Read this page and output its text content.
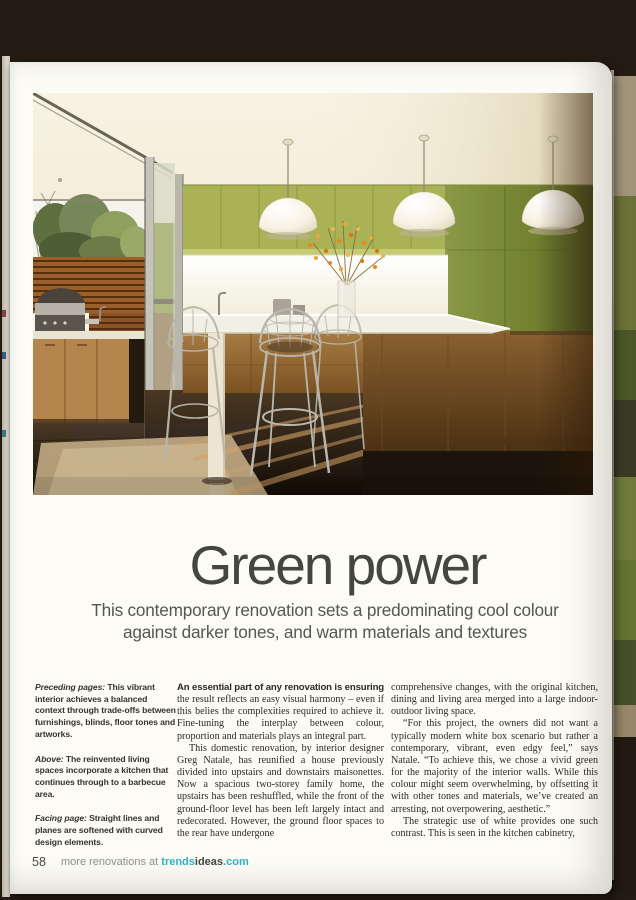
Green power
This contemporary renovation sets a predominating cool colour
against darker tones, and warm materials and textures
Preceding pages: This vibrant interior achieves a balanced context through trade-offs between furnishings, blinds, floor tones and artworks.
Above: The reinvented living spaces incorporate a kitchen that continues through to a barbecue area.
Facing page: Straight lines and planes are softened with curved design elements.

An essential part of any renovation is ensuring the result reflects an easy visual harmony – even if this belies the complexities required to achieve it. Fine-tuning the interplay between colour, proportion and materials plays an integral part.

This domestic renovation, by interior designer Greg Natale, has reunified a house previously divided into upstairs and downstairs maisonettes. Now a spacious two-storey family home, the upstairs has been reshuffled, while the front of the ground-floor level has been left largely intact and redecorated. However, the ground floor spaces to the rear have undergone

comprehensive changes, with the original kitchen, dining and living area merged into a large indoor-outdoor living space.

“For this project, the owners did not want a typically modern white box scenario but rather a contemporary, vibrant, even edgy feel,” says Natale. “To achieve this, we chose a vivid green for the majority of the interior walls. While this colour might seem overwhelming, by offsetting it with other tones and materials, we’ve created an arresting, not overpowering, aesthetic.”

The strategic use of white provides one such contrast. This is seen in the kitchen cabinetry,

58 more renovations at trendsideas.com
